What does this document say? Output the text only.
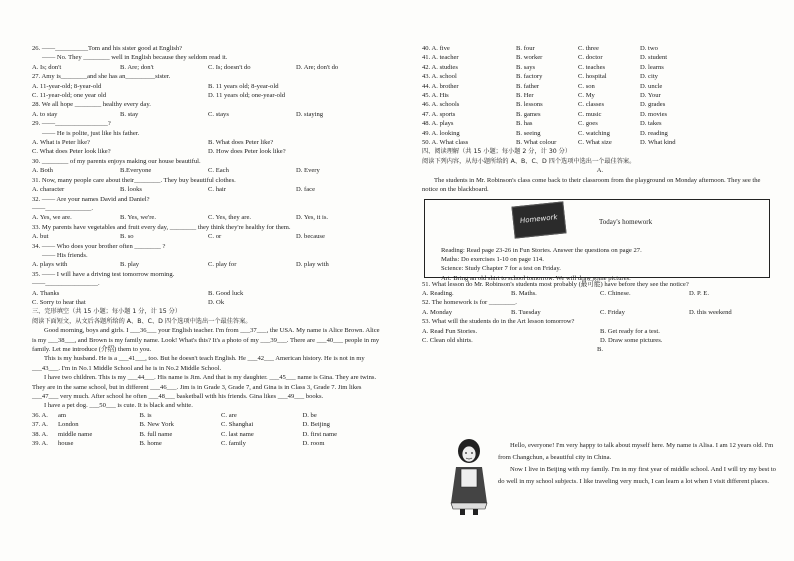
26. ——__________Tom and his sister good at English?
—— No. They ________ well in English because they seldom read it.
A. Is; don't	B. Are; don't	C. Is; doesn't do	D. Are; don't do
27. Amy is________and she has an_________sister.
A. 11-year-old; 8-year-old	B. 11 years old; 8-year-old
C. 11-year-old; one year old	D. 11 years old; one-year-old
28. We all hope ________ healthy every day.
A. to stay	B. stay	C. stays	D. staying
29. ——________________?
—— He is polite, just like his father.
A. What is Peter like?	B. What does Peter like?
C. What does Peter look like?	D. How does Peter look like?
30. ________ of my parents enjoys making our house beautiful.
A. Both	B.Everyone	C. Each	D. Every
31. Now, many people care about their________. They buy beautiful clothes.
A. character	B. looks	C. hair	D. face
32. —— Are your names David and Daniel?
——______________.
A. Yes, we are.	B. Yes, we're.	C. Yes, they are.	D. Yes, it is.
33. My parents have vegetables and fruit every day, ________ they think they're healthy for them.
A. but	B. so	C. or	D. because
34. —— Who does your brother often ________ ?
—— His friends.
A. plays with	B. play	C. play for	D. play with
35. —— I will have a driving test tomorrow morning.
——________________.
A. Thanks	B. Good luck
C. Sorry to hear that	D. Ok
三、完形填空（共 15 小题；每小题 1 分，计 15 分）
阅读下面短文，从文后各题所给的 A、B、C、D 四个选项中选出一个最佳答案。
Good morning, boys and girls. I ___36___ your English teacher. I'm from ___37___, the USA. My name is Alice Brown. Alice is my ___38___, and Brown is my family name. Look! What's this? It's a photo of my ___39___. There are ___40___ people in my family. Let me introduce (介绍) them to you.
This is my husband. He is a ___41___, too. But he doesn't teach English. He ___42___ American history. He is not in my ___43___. I'm in No.1 Middle School and he is in No.2 Middle School.
I have two children. This is my ___44___. His name is Jim. And that is my daughter. ___45___ name is Gina. They are twins. They are in the same school, but in different ___46___. Jim is in Grade 3, Grade 7, and Gina is in Class 3, Grade 7. Jim likes ___47___ very much. After school he often ___48___ basketball with his friends. Gina likes ___49___ books.
I have a pet dog. ___50___ is cute. It is black and white.
36. A.	am	B. is	C. are	D. be
37. A.	London	B. New York	C. Shanghai	D. Beijing
38. A.	middle name	B. full name	C. last name	D. first name
39. A.	house	B. home	C. family	D. room
40. A. five	B. four	C. three	D. two
41. A. teacher	B. worker	C. doctor	D. student
42. A. studies	B. says	C. teaches	D. learns
43. A. school	B. factory	C. hospital	D. city
44. A. brother	B. father	C. son	D. uncle
45. A. His	B. Her	C. My	D. Your
46. A. schools	B. lessons	C. classes	D. grades
47. A. sports	B. games	C. music	D. movies
48. A. plays	B. has	C. goes	D. takes
49. A. looking	B. seeing	C. watching	D. reading
50. A. What class	B. What colour	C. What size	D. What kind
四、阅读理解（共 15 小题；每小题 2 分，计 30 分）
阅读下列内容，从每小题所给的 A、B、C、D 四个选项中选出一个最佳答案。
A.
The students in Mr. Robinson's class come back to their classroom from the playground on Monday afternoon. They see the notice on the blackboard.
Homework	Today's homework
Reading: Read page 23-26 in Fun Stories. Answer the questions on page 27.
Maths: Do exercises 1-10 on page 114.
Science: Study Chapter 7 for a test on Friday.
Art: Bring an old shirt to school tomorrow. We will draw some pictures.
51. What lesson do Mr. Robinson's students most probably (最可能) have before they see the notice?
A. Reading.	B. Maths.	C. Chinese.	D. P. E.
52. The homework is for ________.
A. Monday	B. Tuesday	C. Friday	D. this weekend
53. What will the students do in the Art lesson tomorrow?
A. Read Fun Stories.	B. Get ready for a test.
C. Clean old shirts.	D. Draw some pictures.
B.
Hello, everyone! I'm very happy to talk about myself here. My name is Alisa. I am 12 years old. I'm from Changchun, a beautiful city in China.
Now I live in Beijing with my family. I'm in my first year of middle school. And I will try my best to do well in my school subjects. I like traveling very much, I can learn a lot when I visit different places.
